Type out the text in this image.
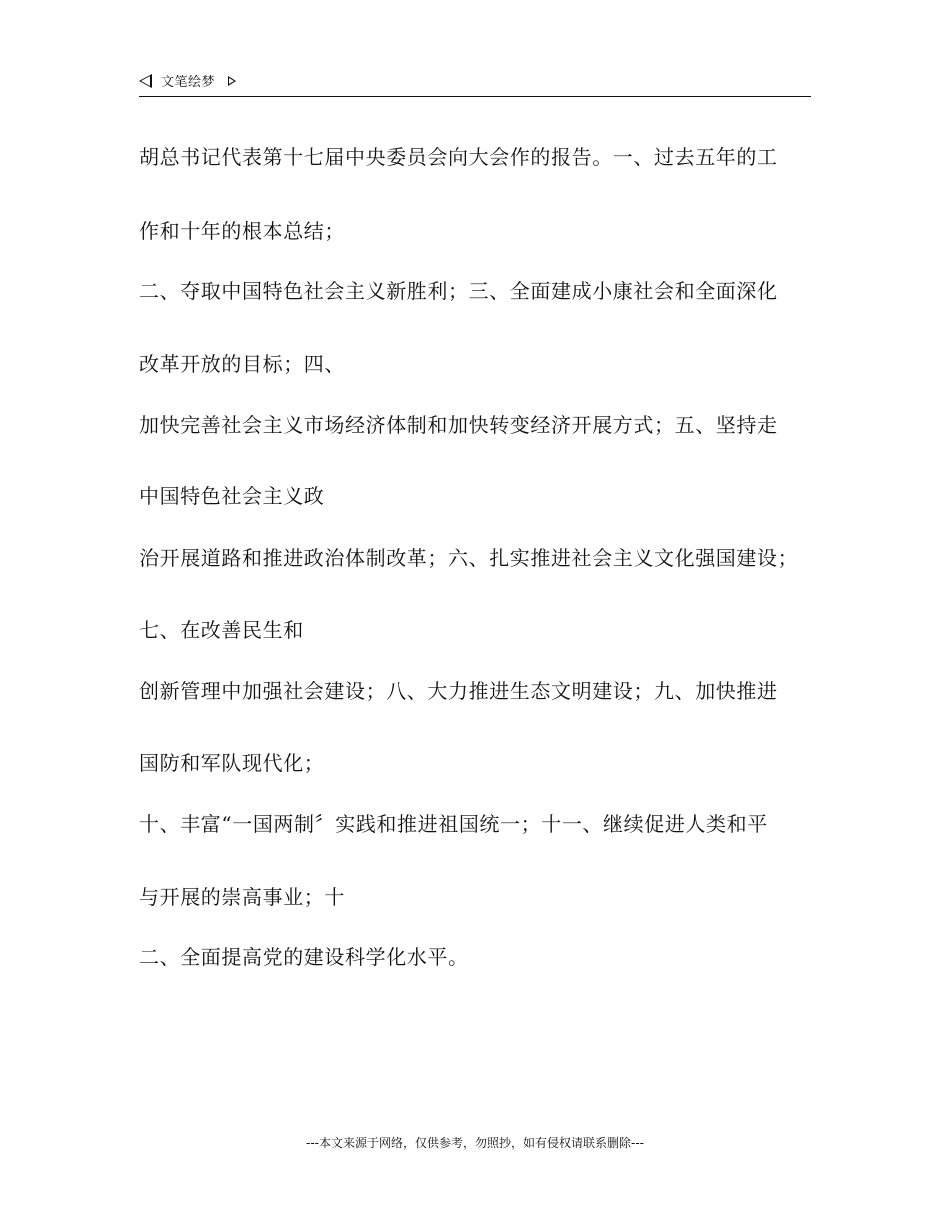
文笔绘梦
胡总书记代表第十七届中央委员会向大会作的报告。一、过去五年的工
作和十年的根本总结；
二、夺取中国特色社会主义新胜利；三、全面建成小康社会和全面深化
改革开放的目标；四、
加快完善社会主义市场经济体制和加快转变经济开展方式；五、坚持走
中国特色社会主义政
治开展道路和推进政治体制改革；六、扎实推进社会主义文化强国建设；
七、在改善民生和
创新管理中加强社会建设；八、大力推进生态文明建设；九、加快推进
国防和军队现代化；
十、丰富“一国两制〞实践和推进祖国统一；十一、继续促进人类和平
与开展的崇高事业；十
二、全面提高党的建设科学化水平。
---本文来源于网络，仅供参考，勿照抄，如有侵权请联系删除---
